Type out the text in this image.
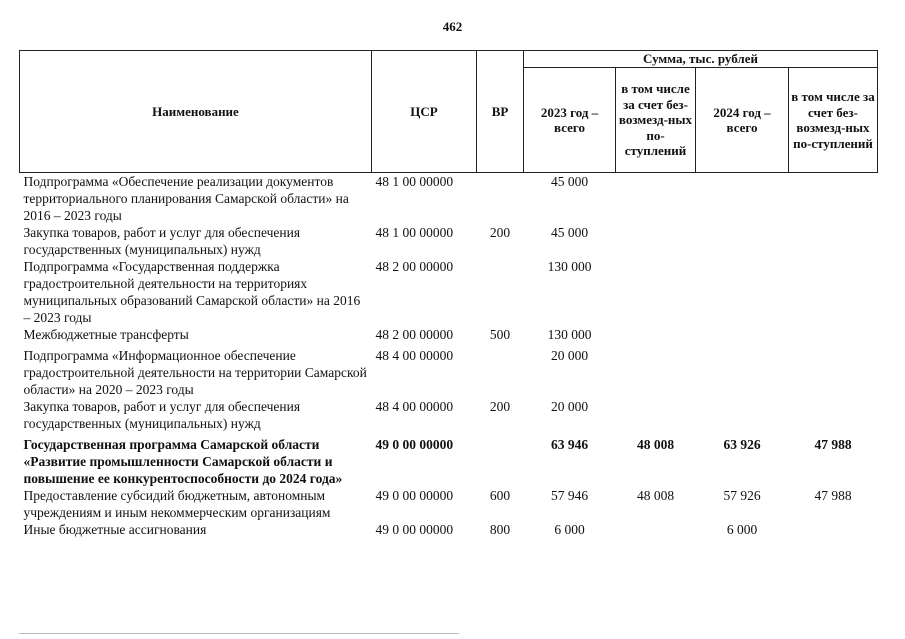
462
Наименование	ЦСР	ВР	Сумма, тыс. рублей			
			2023 год – всего	в том числе за счет без-возмезд-ных по-ступлений	2024 год – всего	в том числе за счет без-возмезд-ных по-ступлений
Подпрограмма «Обеспечение реализации документов территориального планирования Самарской области» на 2016 – 2023 годы	48 1 00 00000		45 000			
Закупка товаров, работ и услуг для обеспечения государственных (муниципальных) нужд	48 1 00 00000	200	45 000			
Подпрограмма «Государственная поддержка градостроительной деятельности на территориях муниципальных образований Самарской области» на 2016 – 2023 годы	48 2 00 00000		130 000			
Межбюджетные трансферты	48 2 00 00000	500	130 000			
Подпрограмма «Информационное обеспечение градостроительной деятельности на территории Самарской области» на 2020 – 2023 годы	48 4 00 00000		20 000			
Закупка товаров, работ и услуг для обеспечения государственных (муниципальных) нужд	48 4 00 00000	200	20 000			
Государственная программа Самарской области «Развитие промышленности Самарской области и повышение ее конкурентоспособности до 2024 года»	49 0 00 00000		63 946	48 008	63 926	47 988
Предоставление субсидий бюджетным, автономным учреждениям и иным некоммерческим организациям	49 0 00 00000	600	57 946	48 008	57 926	47 988
Иные бюджетные ассигнования	49 0 00 00000	800	6 000		6 000	
